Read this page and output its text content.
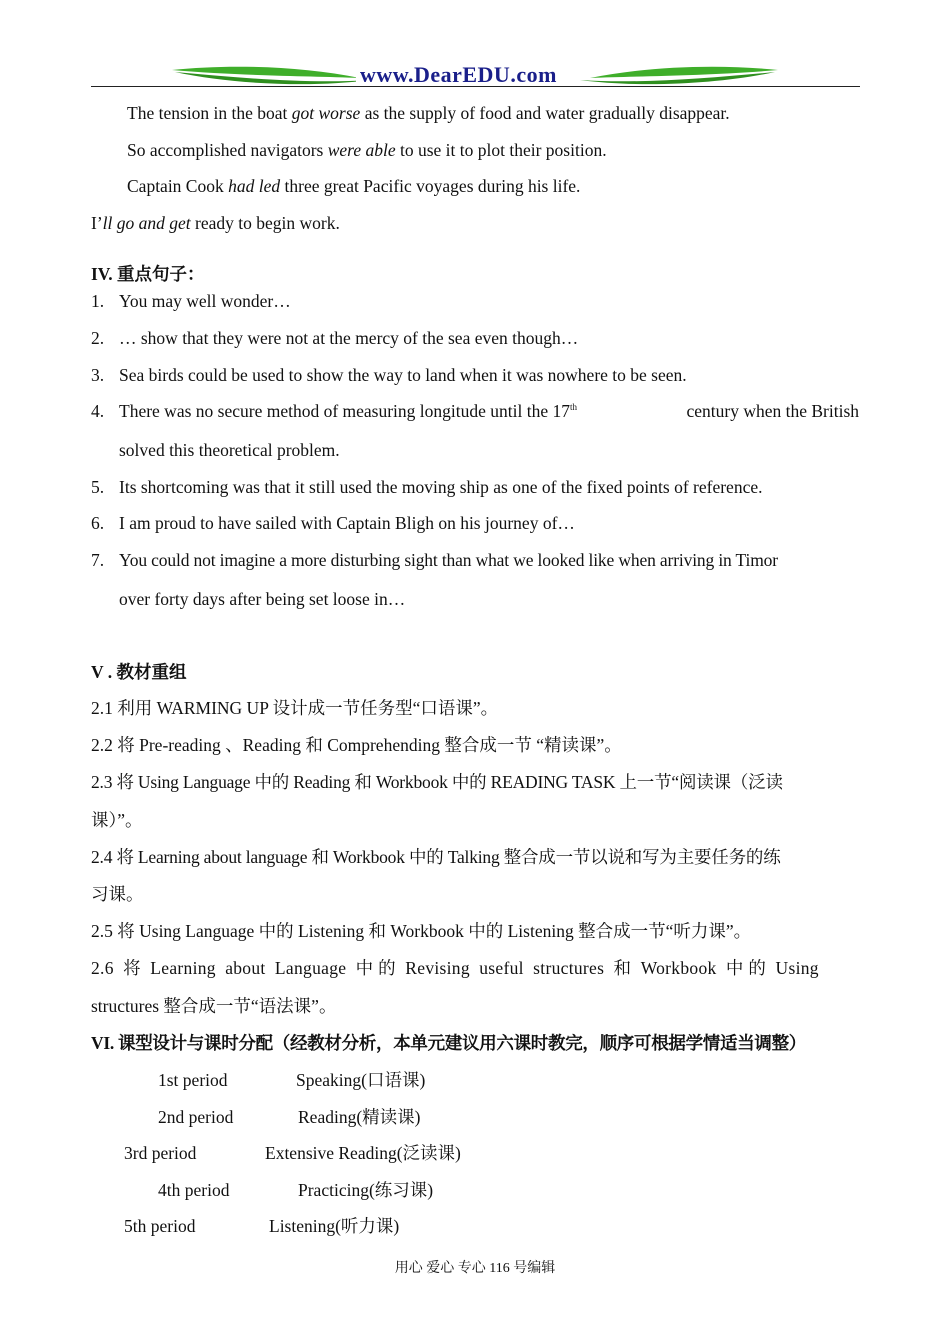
www.DearEDU.com
The tension in the boat got worse as the supply of food and water gradually disappear.
So accomplished navigators were able to use it to plot their position.
Captain Cook had led three great Pacific voyages during his life.
I’ll go and get ready to begin work.
IV. 重点句子：
1. You may well wonder…
2. … show that they were not at the mercy of the sea even though…
3. Sea birds could be used to show the way to land when it was nowhere to be seen.
4. There was no secure method of measuring longitude until the 17th	century when the British
solved this theoretical problem.
5. Its shortcoming was that it still used the moving ship as one of the fixed points of reference.
6. I am proud to have sailed with Captain Bligh on his journey of…
7. You could not imagine a more disturbing sight than what we looked like when arriving in Timor
over forty days after being set loose in…
V . 教材重组
2.1 利用 WARMING UP 设计成一节任务型“口语课”。
2.2 将 Pre-reading 、Reading 和 Comprehending 整合成一节 “精读课”。
2.3 将 Using Language 中的 Reading 和 Workbook 中的 READING TASK 上一节“阅读课（泛读
课）”。
2.4 将 Learning about language 和 Workbook 中的 Talking 整合成一节以说和写为主要任务的练
习课。
2.5 将 Using Language 中的 Listening 和 Workbook 中的 Listening 整合成一节“听力课”。
2.6  将  Learning  about  Language  中 的  Revising  useful  structures  和  Workbook  中 的  Using
structures 整合成一节“语法课”。
VI. 课型设计与课时分配（经教材分析，本单元建议用六课时教完，顺序可根据学情适当调整）
1st period	Speaking(口语课)
2nd period	Reading(精读课)
3rd period	Extensive Reading(泛读课)
4th period	Practicing(练习课)
5th period	Listening(听力课)
用心 爱心 专心 116 号编辑
